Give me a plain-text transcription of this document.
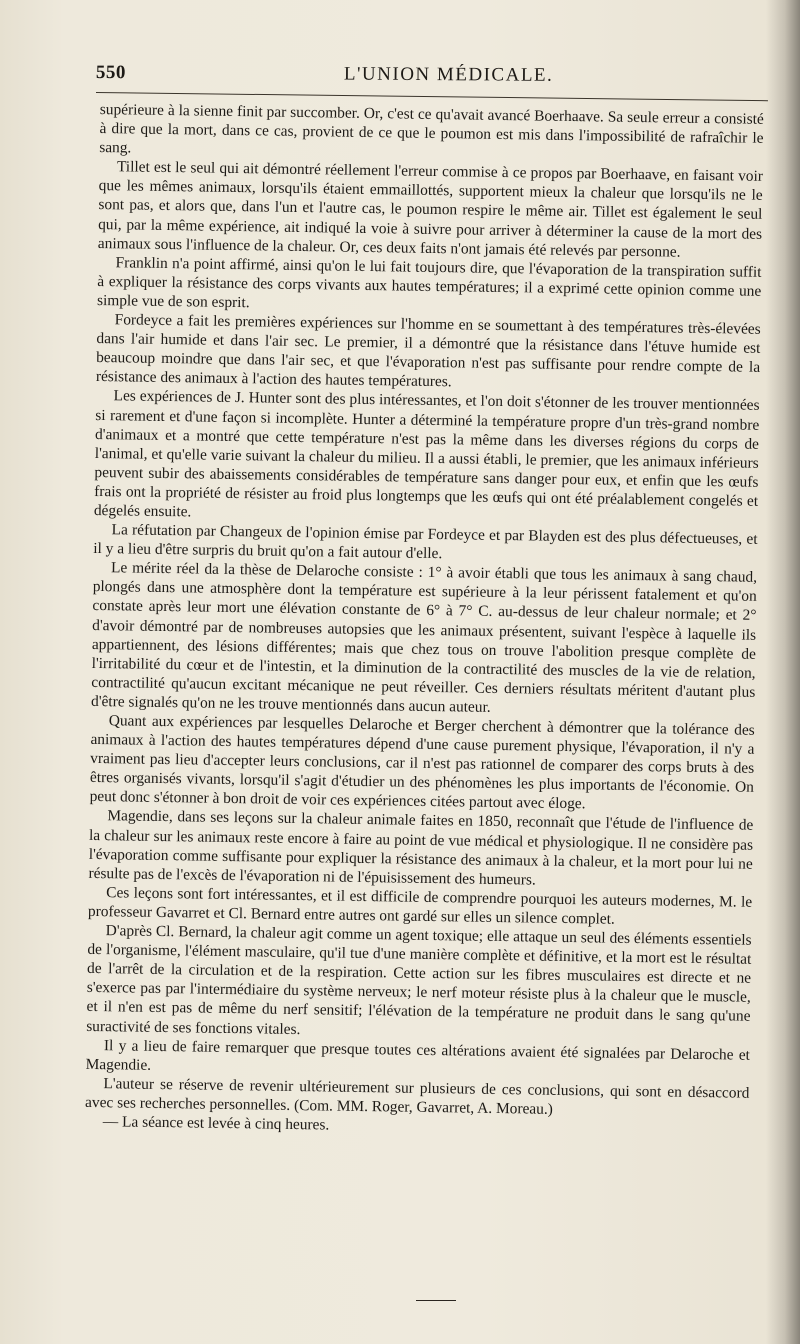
550	L'UNION MÉDICALE.

supérieure à la sienne finit par succomber. Or, c'est ce qu'avait avancé Boerhaave. Sa seule erreur a consisté à dire que la mort, dans ce cas, provient de ce que le poumon est mis dans l'impossibilité de rafraîchir le sang.

Tillet est le seul qui ait démontré réellement l'erreur commise à ce propos par Boerhaave, en faisant voir que les mêmes animaux, lorsqu'ils étaient emmaillottés, supportent mieux la chaleur que lorsqu'ils ne le sont pas, et alors que, dans l'un et l'autre cas, le poumon respire le même air. Tillet est également le seul qui, par la même expérience, ait indiqué la voie à suivre pour arriver à déterminer la cause de la mort des animaux sous l'influence de la chaleur. Or, ces deux faits n'ont jamais été relevés par personne.

Franklin n'a point affirmé, ainsi qu'on le lui fait toujours dire, que l'évaporation de la transpiration suffit à expliquer la résistance des corps vivants aux hautes températures; il a exprimé cette opinion comme une simple vue de son esprit.

Fordeyce a fait les premières expériences sur l'homme en se soumettant à des températures très-élevées dans l'air humide et dans l'air sec. Le premier, il a démontré que la résistance dans l'étuve humide est beaucoup moindre que dans l'air sec, et que l'évaporation n'est pas suffisante pour rendre compte de la résistance des animaux à l'action des hautes températures.

Les expériences de J. Hunter sont des plus intéressantes, et l'on doit s'étonner de les trouver mentionnées si rarement et d'une façon si incomplète. Hunter a déterminé la température propre d'un très-grand nombre d'animaux et a montré que cette température n'est pas la même dans les diverses régions du corps de l'animal, et qu'elle varie suivant la chaleur du milieu. Il a aussi établi, le premier, que les animaux inférieurs peuvent subir des abaissements considérables de température sans danger pour eux, et enfin que les œufs frais ont la propriété de résister au froid plus longtemps que les œufs qui ont été préalablement congelés et dégelés ensuite.

La réfutation par Changeux de l'opinion émise par Fordeyce et par Blayden est des plus défectueuses, et il y a lieu d'être surpris du bruit qu'on a fait autour d'elle.

Le mérite réel da la thèse de Delaroche consiste : 1° à avoir établi que tous les animaux à sang chaud, plongés dans une atmosphère dont la température est supérieure à la leur périssent fatalement et qu'on constate après leur mort une élévation constante de 6° à 7° C. au-dessus de leur chaleur normale; et 2° d'avoir démontré par de nombreuses autopsies que les animaux présentent, suivant l'espèce à laquelle ils appartiennent, des lésions différentes; mais que chez tous on trouve l'abolition presque complète de l'irritabilité du cœur et de l'intestin, et la diminution de la contractilité des muscles de la vie de relation, contractilité qu'aucun excitant mécanique ne peut réveiller. Ces derniers résultats méritent d'autant plus d'être signalés qu'on ne les trouve mentionnés dans aucun auteur.

Quant aux expériences par lesquelles Delaroche et Berger cherchent à démontrer que la tolérance des animaux à l'action des hautes températures dépend d'une cause purement physique, l'évaporation, il n'y a vraiment pas lieu d'accepter leurs conclusions, car il n'est pas rationnel de comparer des corps bruts à des êtres organisés vivants, lorsqu'il s'agit d'étudier un des phénomènes les plus importants de l'économie. On peut donc s'étonner à bon droit de voir ces expériences citées partout avec éloge.

Magendie, dans ses leçons sur la chaleur animale faites en 1850, reconnaît que l'étude de l'influence de la chaleur sur les animaux reste encore à faire au point de vue médical et physiologique. Il ne considère pas l'évaporation comme suffisante pour expliquer la résistance des animaux à la chaleur, et la mort pour lui ne résulte pas de l'excès de l'évaporation ni de l'épuisissement des humeurs.

Ces leçons sont fort intéressantes, et il est difficile de comprendre pourquoi les auteurs modernes, M. le professeur Gavarret et Cl. Bernard entre autres ont gardé sur elles un silence complet.

D'après Cl. Bernard, la chaleur agit comme un agent toxique; elle attaque un seul des éléments essentiels de l'organisme, l'élément masculaire, qu'il tue d'une manière complète et définitive, et la mort est le résultat de l'arrêt de la circulation et de la respiration. Cette action sur les fibres musculaires est directe et ne s'exerce pas par l'intermédiaire du système nerveux; le nerf moteur résiste plus à la chaleur que le muscle, et il n'en est pas de même du nerf sensitif; l'élévation de la température ne produit dans le sang qu'une suractivité de ses fonctions vitales.

Il y a lieu de faire remarquer que presque toutes ces altérations avaient été signalées par Delaroche et Magendie.

L'auteur se réserve de revenir ultérieurement sur plusieurs de ces conclusions, qui sont en désaccord avec ses recherches personnelles. (Com. MM. Roger, Gavarret, A. Moreau.)

— La séance est levée à cinq heures.
